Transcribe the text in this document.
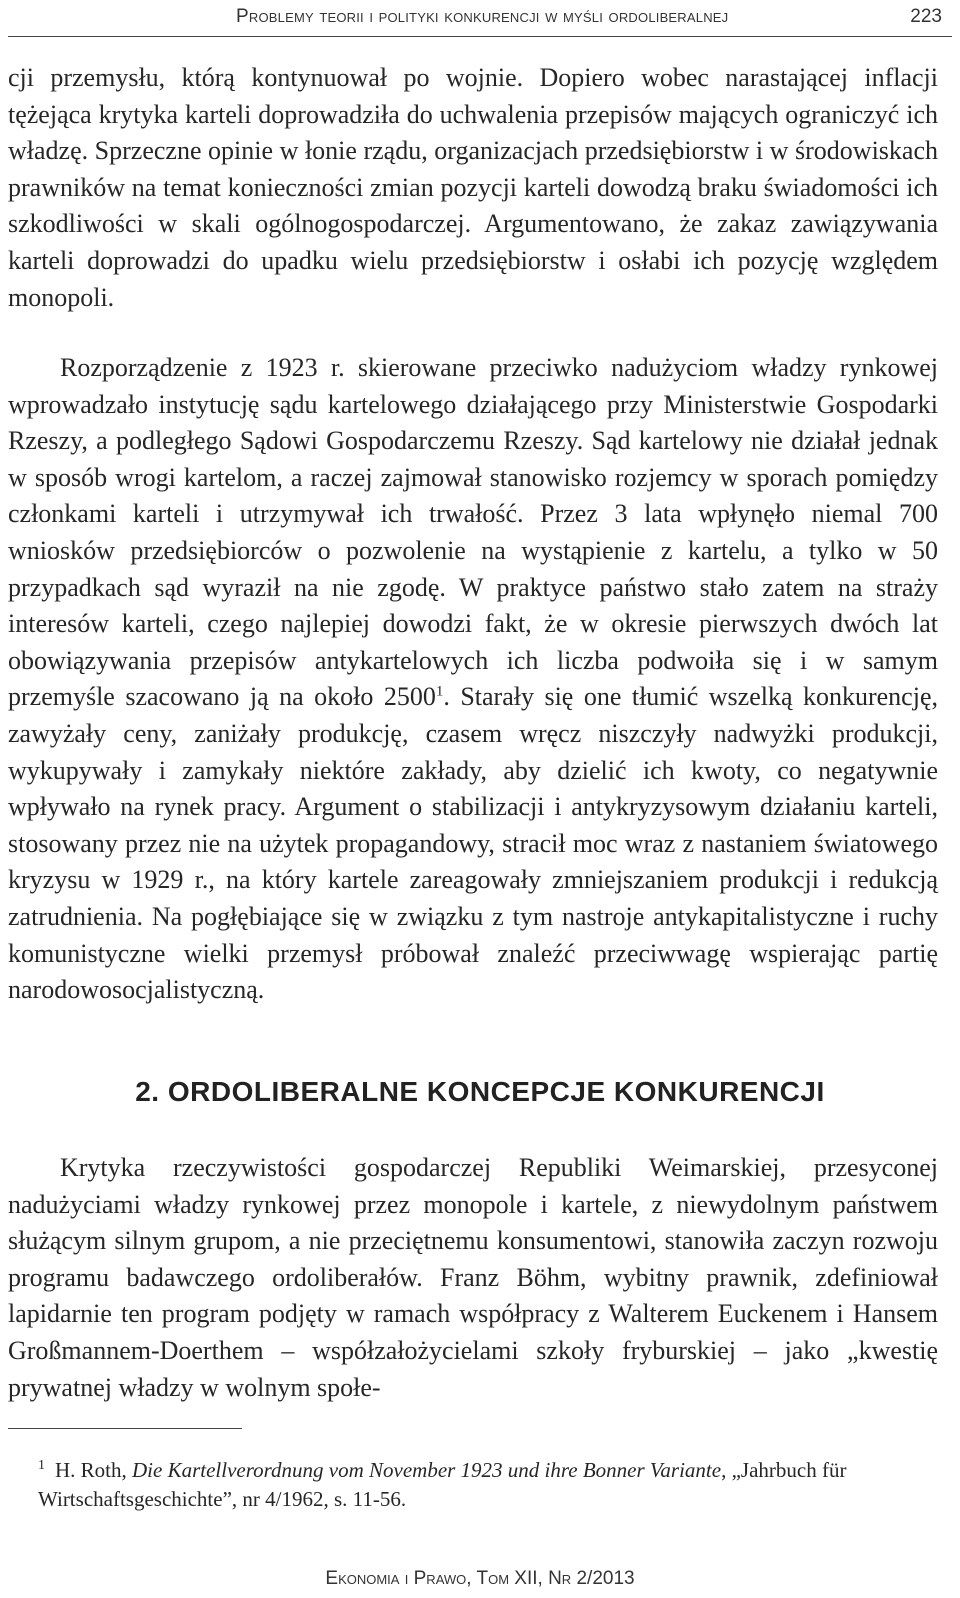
Problemy teorii i polityki konkurencji w myśli ordoliberalnej	223

cji przemysłu, którą kontynuował po wojnie. Dopiero wobec narastającej inflacji tężejąca krytyka karteli doprowadziła do uchwalenia przepisów mających ograniczyć ich władzę. Sprzeczne opinie w łonie rządu, organizacjach przedsiębiorstw i w środowiskach prawników na temat konieczności zmian pozycji karteli dowodzą braku świadomości ich szkodliwości w skali ogólnogospodarczej. Argumentowano, że zakaz zawiązywania karteli doprowadzi do upadku wielu przedsiębiorstw i osłabi ich pozycję względem monopoli.

Rozporządzenie z 1923 r. skierowane przeciwko nadużyciom władzy rynkowej wprowadzało instytucję sądu kartelowego działającego przy Ministerstwie Gospodarki Rzeszy, a podległego Sądowi Gospodarczemu Rzeszy. Sąd kartelowy nie działał jednak w sposób wrogi kartelom, a raczej zajmował stanowisko rozjemcy w sporach pomiędzy członkami karteli i utrzymywał ich trwałość. Przez 3 lata wpłynęło niemal 700 wniosków przedsiębiorców o pozwolenie na wystąpienie z kartelu, a tylko w 50 przypadkach sąd wyraził na nie zgodę. W praktyce państwo stało zatem na straży interesów karteli, czego najlepiej dowodzi fakt, że w okresie pierwszych dwóch lat obowiązywania przepisów antykartelowych ich liczba podwoiła się i w samym przemyśle szacowano ją na około 2500$^1$. Starały się one tłumić wszelką konkurencję, zawyżały ceny, zaniżały produkcję, czasem wręcz niszczyły nadwyżki produkcji, wykupywały i zamykały niektóre zakłady, aby dzielić ich kwoty, co negatywnie wpływało na rynek pracy. Argument o stabilizacji i antykryzysowym działaniu karteli, stosowany przez nie na użytek propagandowy, stracił moc wraz z nastaniem światowego kryzysu w 1929 r., na który kartele zareagowały zmniejszaniem produkcji i redukcją zatrudnienia. Na pogłębiające się w związku z tym nastroje antykapitalistyczne i ruchy komunistyczne wielki przemysł próbował znaleźć przeciwwagę wspierając partię narodowosocjalistyczną.

2. ORDOLIBERALNE KONCEPCJE KONKURENCJI

Krytyka rzeczywistości gospodarczej Republiki Weimarskiej, przesyconej nadużyciami władzy rynkowej przez monopole i kartele, z niewydolnym państwem służącym silnym grupom, a nie przeciętnemu konsumentowi, stanowiła zaczyn rozwoju programu badawczego ordoliberałów. Franz Böhm, wybitny prawnik, zdefiniował lapidarnie ten program podjęty w ramach współpracy z Walterem Euckenem i Hansem Großmannem-Doerthem – współzałożycielami szkoły fryburskiej – jako „kwestię prywatnej władzy w wolnym społe-

$^1$ H. Roth, Die Kartellverordnung vom November 1923 und ihre Bonner Variante, „Jahrbuch für Wirtschaftsgeschichte”, nr 4/1962, s. 11-56.
Ekonomia i Prawo, Tom XII, Nr 2/2013
